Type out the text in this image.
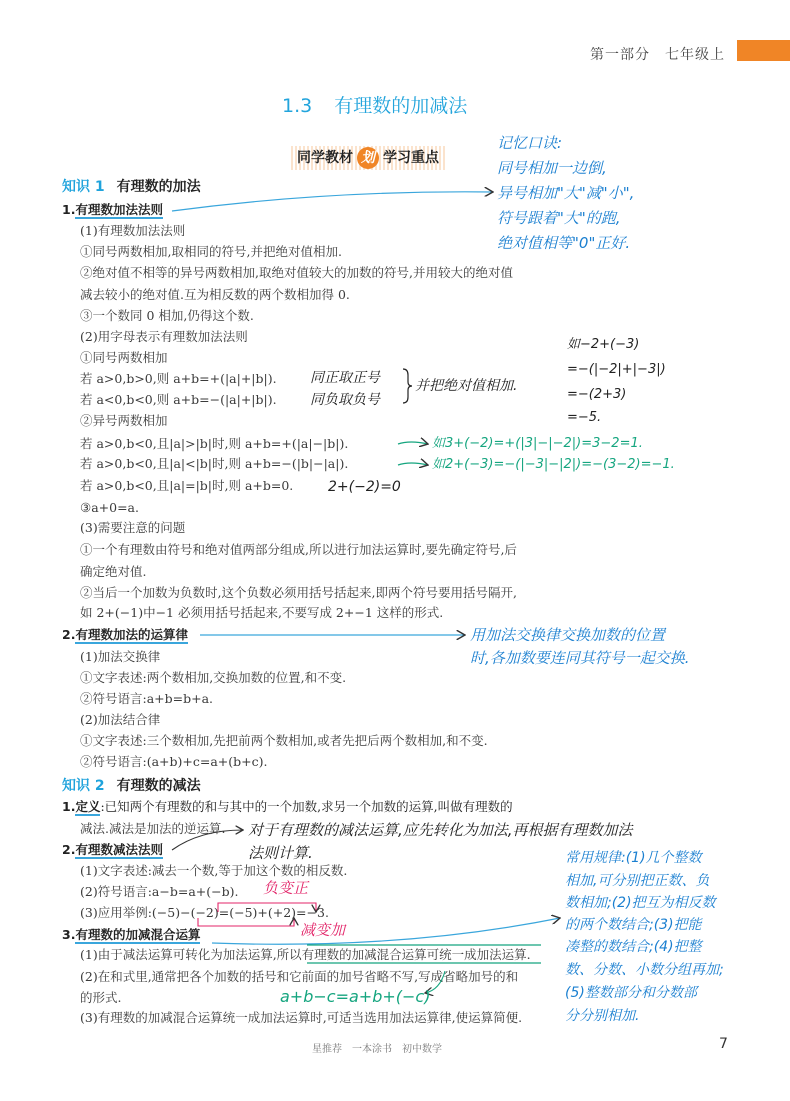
第一部分　七年级上
1.3 有理数的加减法
同学教材 划 学习重点
知识 1 有理数的加法
知识 2 有理数的减法
1.有理数加法法则
(1)有理数加法法则
①同号两数相加,取相同的符号,并把绝对值相加.
②绝对值不相等的异号两数相加,取绝对值较大的加数的符号,并用较大的绝对值
减去较小的绝对值.互为相反数的两个数相加得 0.
③一个数同 0 相加,仍得这个数.
(2)用字母表示有理数加法法则
①同号两数相加
若 a>0,b>0,则 a+b=+(|a|+|b|).
若 a<0,b<0,则 a+b=−(|a|+|b|).
②异号两数相加
若 a>0,b<0,且|a|>|b|时,则 a+b=+(|a|−|b|).
若 a>0,b<0,且|a|<|b|时,则 a+b=−(|b|−|a|).
若 a>0,b<0,且|a|=|b|时,则 a+b=0.
③a+0=a.
(3)需要注意的问题
①一个有理数由符号和绝对值两部分组成,所以进行加法运算时,要先确定符号,后
确定绝对值.
②当后一个加数为负数时,这个负数必须用括号括起来,即两个符号要用括号隔开,
如 2+(−1)中−1 必须用括号括起来,不要写成 2+−1 这样的形式.
2.有理数加法的运算律
(1)加法交换律
①文字表述:两个数相加,交换加数的位置,和不变.
②符号语言:a+b=b+a.
(2)加法结合律
①文字表述:三个数相加,先把前两个数相加,或者先把后两个数相加,和不变.
②符号语言:(a+b)+c=a+(b+c).
1.定义:已知两个有理数的和与其中的一个加数,求另一个加数的运算,叫做有理数的
减法.减法是加法的逆运算.
2.有理数减法法则
(1)文字表述:减去一个数,等于加这个数的相反数.
(2)符号语言:a−b=a+(−b).
(3)应用举例:(−5)−(−2)=(−5)+(+2)=−3.
3.有理数的加减混合运算
(1)由于减法运算可转化为加法运算,所以有理数的加减混合运算可统一成加法运算.
(2)在和式里,通常把各个加数的括号和它前面的加号省略不写,写成省略加号的和
的形式.
(3)有理数的加减混合运算统一成加法运算时,可适当选用加法运算律,使运算简便.
记忆口诀:
同号相加一边倒,
异号相加"大"减"小",
符号跟着"大"的跑,
绝对值相等"0"正好.
同正取正号
同负取负号
并把绝对值相加.
如−2+(−3)
=−(|−2|+|−3|)
=−(2+3)
=−5.
如3+(−2)=+(|3|−|−2|)=3−2=1.
如2+(−3)=−(|−3|−|2|)=−(3−2)=−1.
2+(−2)=0
用加法交换律交换加数的位置
时,各加数要连同其符号一起交换.
对于有理数的减法运算,应先转化为加法,再根据有理数加法
法则计算.
负变正
减变加
a+b−c=a+b+(−c)
常用规律:(1)几个整数
相加,可分别把正数、负
数相加;(2)把互为相反数
的两个数结合;(3)把能
凑整的数结合;(4)把整
数、分数、小数分组再加;
(5)整数部分和分数部
分分别相加.
星推荐　一本涂书　初中数学	7
